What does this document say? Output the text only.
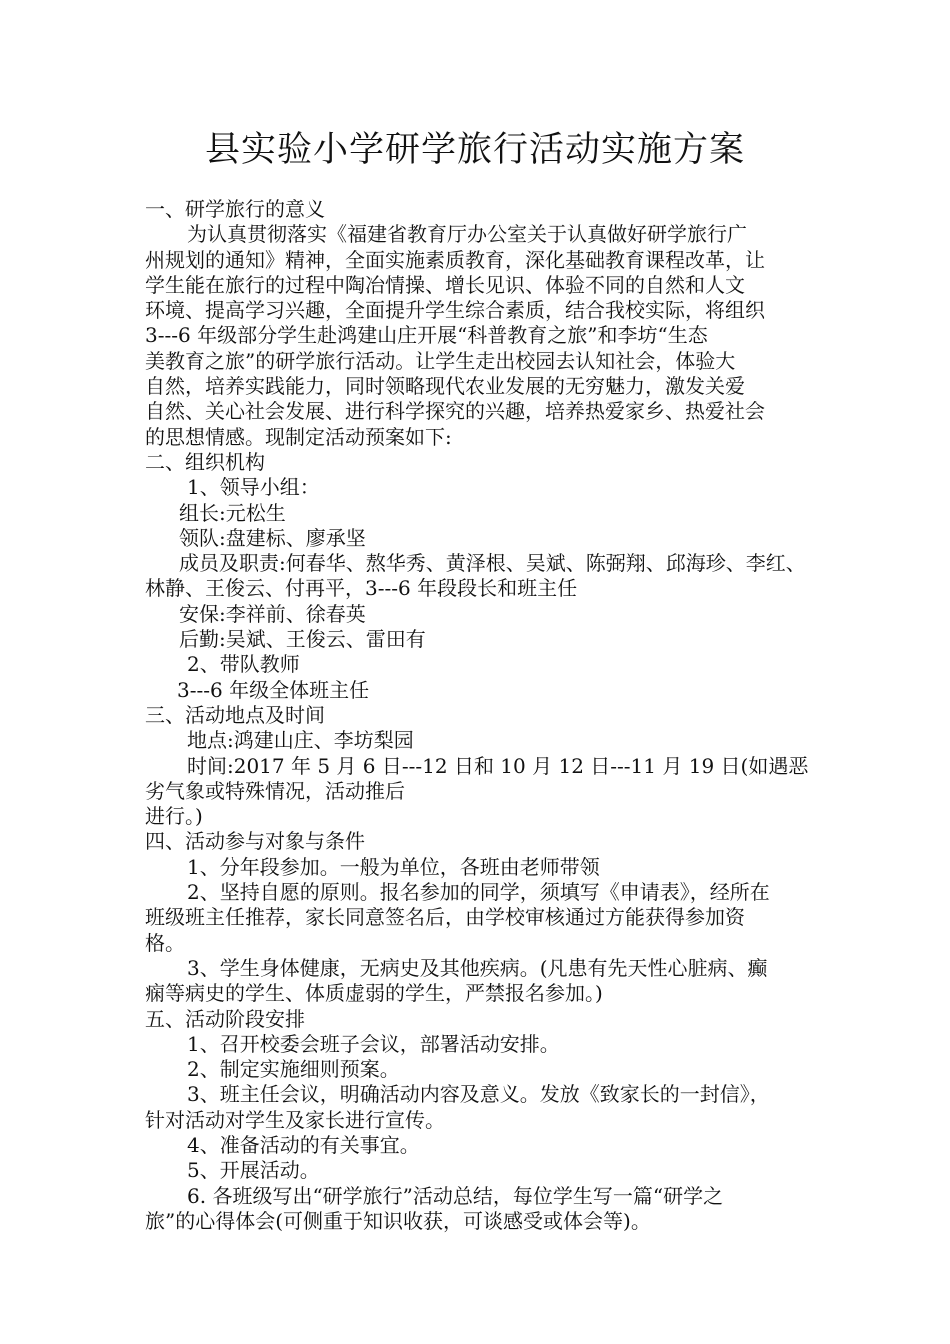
县实验小学研学旅行活动实施方案
一、研学旅行的意义
为认真贯彻落实《福建省教育厅办公室关于认真做好研学旅行广
州规划的通知》精神，全面实施素质教育，深化基础教育课程改革，让
学生能在旅行的过程中陶冶情操、增长见识、体验不同的自然和人文
环境、提高学习兴趣，全面提升学生综合素质，结合我校实际，将组织
3---6 年级部分学生赴鸿建山庄开展“科普教育之旅”和李坊“生态
美教育之旅”的研学旅行活动。让学生走出校园去认知社会，体验大
自然，培养实践能力，同时领略现代农业发展的无穷魅力，激发关爱
自然、关心社会发展、进行科学探究的兴趣，培养热爱家乡、热爱社会
的思想情感。现制定活动预案如下:
二、组织机构
1、领导小组：
组长:元松生
领队:盘建标、廖承坚
成员及职责:何春华、熬华秀、黄泽根、吴斌、陈弼翔、邱海珍、李红、
林静、王俊云、付再平，3---6 年段段长和班主任
安保:李祥前、徐春英
后勤:吴斌、王俊云、雷田有
2、带队教师
3---6 年级全体班主任
三、活动地点及时间
地点:鸿建山庄、李坊梨园
时间:2017 年 5 月 6 日---12 日和 10 月 12 日---11 月 19 日(如遇恶
劣气象或特殊情况，活动推后
进行。)
四、活动参与对象与条件
1、分年段参加。一般为单位，各班由老师带领
2、坚持自愿的原则。报名参加的同学，须填写《申请表》，经所在
班级班主任推荐，家长同意签名后，由学校审核通过方能获得参加资
格。
3、学生身体健康，无病史及其他疾病。(凡患有先天性心脏病、癫
痫等病史的学生、体质虚弱的学生，严禁报名参加。)
五、活动阶段安排
1、召开校委会班子会议，部署活动安排。
2、制定实施细则预案。
3、班主任会议，明确活动内容及意义。发放《致家长的一封信》，
针对活动对学生及家长进行宣传。
4、准备活动的有关事宜。
5、开展活动。
6. 各班级写出“研学旅行”活动总结，每位学生写一篇“研学之
旅”的心得体会(可侧重于知识收获，可谈感受或体会等)。
